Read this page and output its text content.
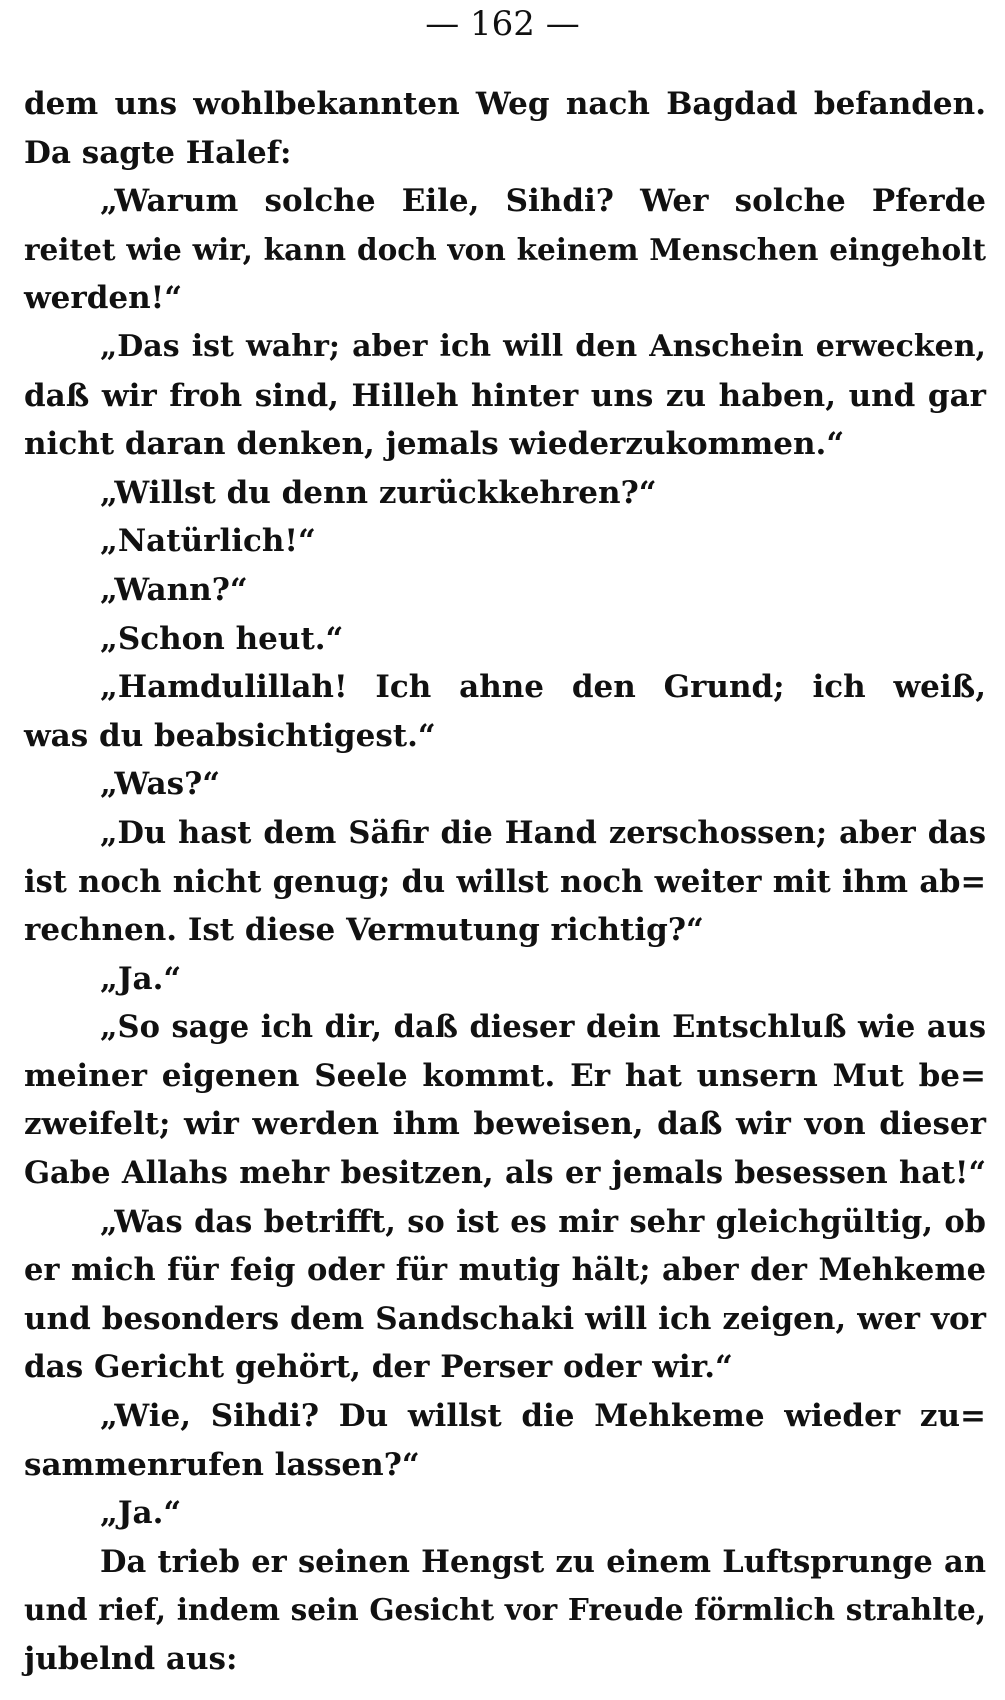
— 162 —
dem uns wohlbekannten Weg nach Bagdad befanden.
Da sagte Halef:
„Warum solche Eile, Sihdi? Wer solche Pferde
reitet wie wir, kann doch von keinem Menschen eingeholt
werden!“
„Das ist wahr; aber ich will den Anschein erwecken,
daß wir froh sind, Hilleh hinter uns zu haben, und gar
nicht daran denken, jemals wiederzukommen.“
„Willst du denn zurückkehren?“
„Natürlich!“
„Wann?“
„Schon heut.“
„Hamdulillah! Ich ahne den Grund; ich weiß,
was du beabsichtigest.“
„Was?“
„Du hast dem Säfir die Hand zerschossen; aber das
ist noch nicht genug; du willst noch weiter mit ihm ab=
rechnen. Ist diese Vermutung richtig?“
„Ja.“
„So sage ich dir, daß dieser dein Entschluß wie aus
meiner eigenen Seele kommt. Er hat unsern Mut be=
zweifelt; wir werden ihm beweisen, daß wir von dieser
Gabe Allahs mehr besitzen, als er jemals besessen hat!“
„Was das betrifft, so ist es mir sehr gleichgültig, ob
er mich für feig oder für mutig hält; aber der Mehkeme
und besonders dem Sandschaki will ich zeigen, wer vor
das Gericht gehört, der Perser oder wir.“
„Wie, Sihdi? Du willst die Mehkeme wieder zu=
sammenrufen lassen?“
„Ja.“
Da trieb er seinen Hengst zu einem Luftsprunge an
und rief, indem sein Gesicht vor Freude förmlich strahlte,
jubelnd aus:
